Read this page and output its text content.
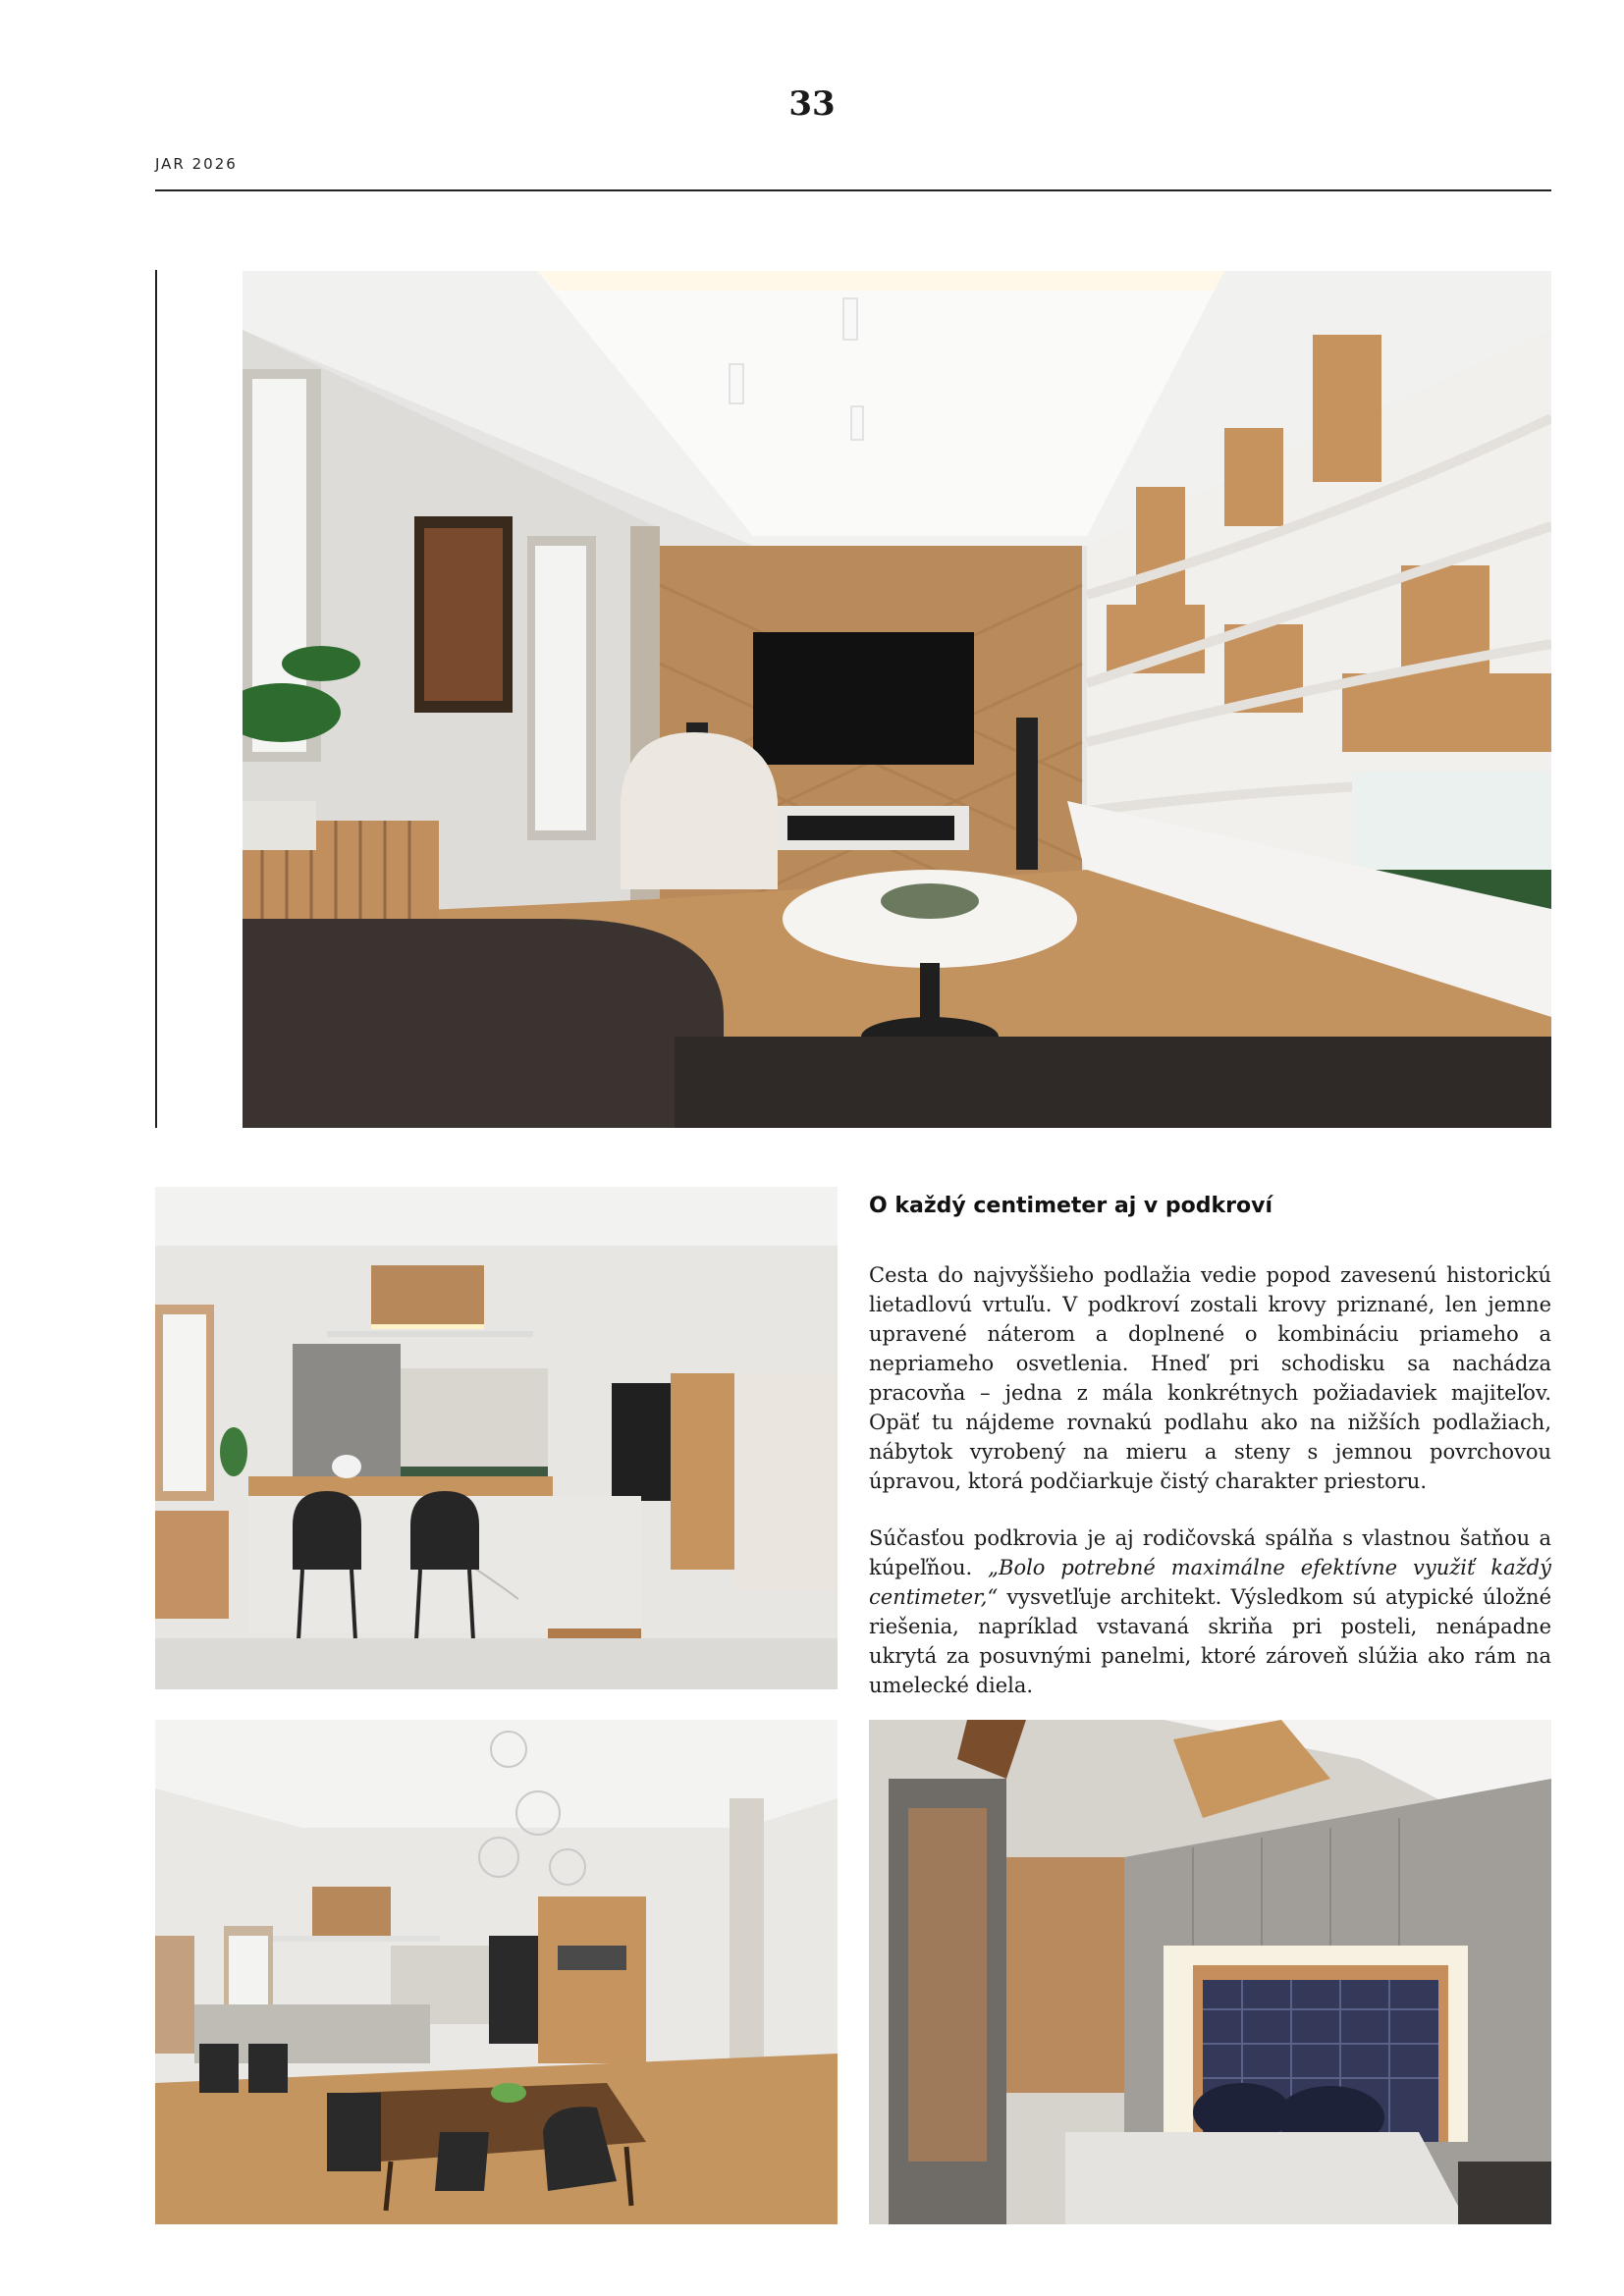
33
JAR 2026
O každý centimeter aj v podkroví

Cesta do najvyššieho podlažia vedie popod zavesenú historickú lietadlovú vrtuľu. V podkroví zostali krovy priznané, len jemne upravené náterom a doplnené o kombináciu priameho a nepriameho osvetlenia. Hneď pri schodisku sa nachádza pracovňa – jedna z mála konkrétnych požiadaviek majiteľov. Opäť tu nájdeme rovnakú podlahu ako na nižších podlažiach, nábytok vyrobený na mieru a steny s jemnou povrchovou úpravou, ktorá podčiarkuje čistý charakter priestoru.

Súčasťou podkrovia je aj rodičovská spálňa s vlastnou šatňou a kúpeľňou. „Bolo potrebné maximálne efektívne využiť každý centimeter,“ vysvetľuje architekt. Výsledkom sú atypické úložné riešenia, napríklad vstavaná skriňa pri posteli, nenápadne ukrytá za posuvnými panelmi, ktoré zároveň slúžia ako rám na umelecké diela.
